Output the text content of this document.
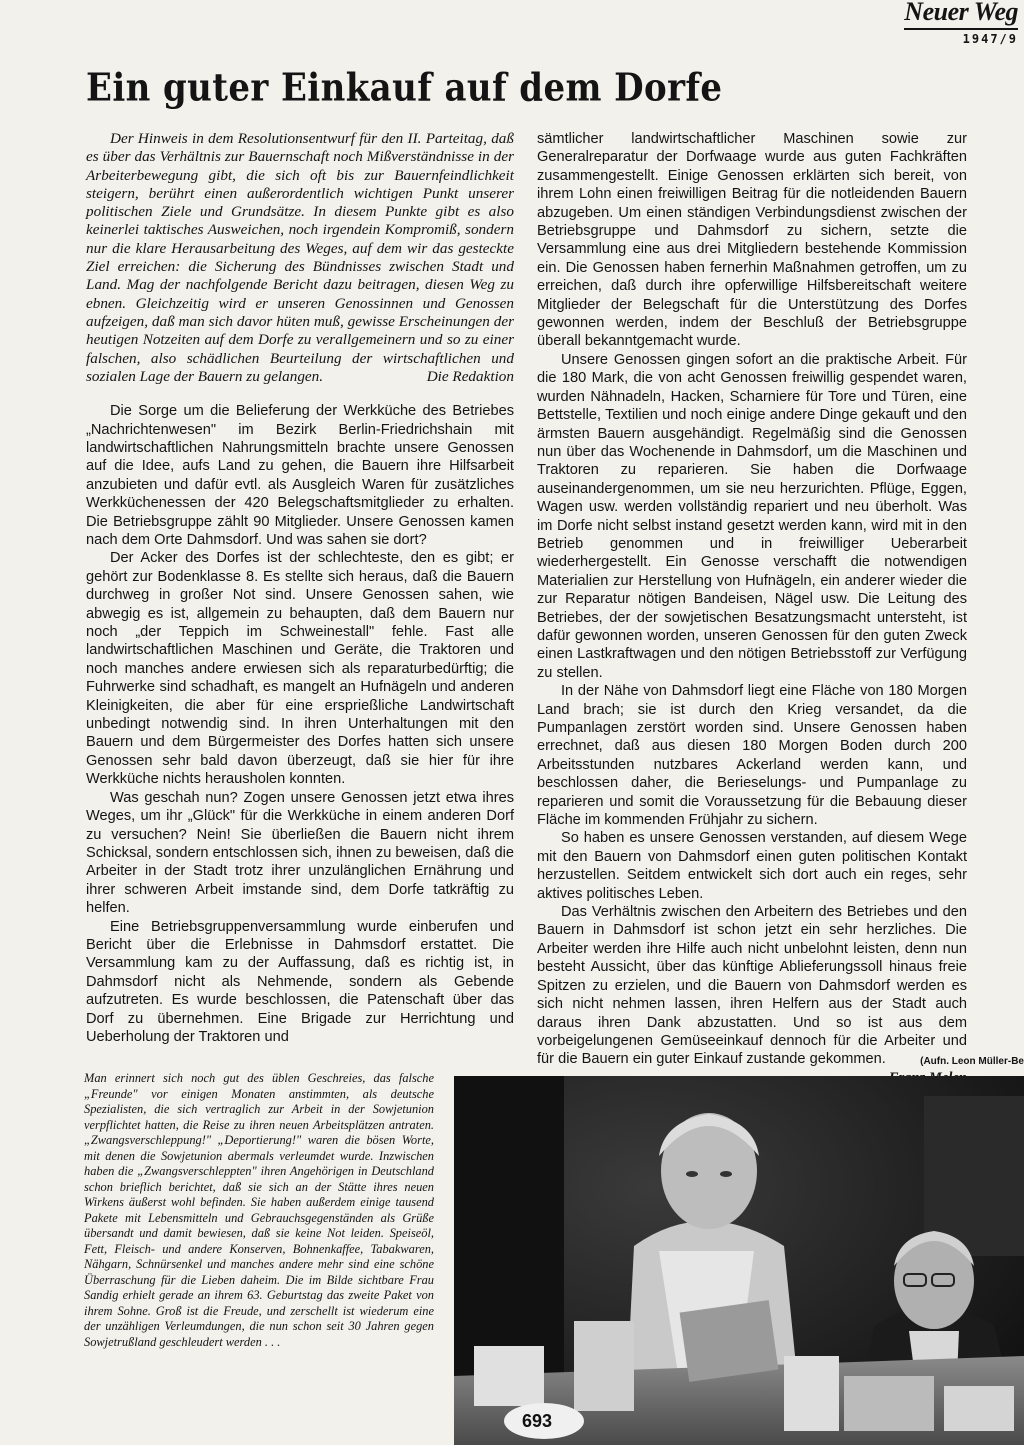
Neuer Weg
1947/9
Ein guter Einkauf auf dem Dorfe

Der Hinweis in dem Resolutionsentwurf für den II. Parteitag, daß es über das Verhältnis zur Bauernschaft noch Mißverständnisse in der Arbeiterbewegung gibt, die sich oft bis zur Bauernfeindlichkeit steigern, berührt einen außerordentlich wichtigen Punkt unserer politischen Ziele und Grundsätze. In diesem Punkte gibt es also keinerlei taktisches Ausweichen, noch irgendein Kompromiß, sondern nur die klare Herausarbeitung des Weges, auf dem wir das gesteckte Ziel erreichen: die Sicherung des Bündnisses zwischen Stadt und Land. Mag der nachfolgende Bericht dazu beitragen, diesen Weg zu ebnen. Gleichzeitig wird er unseren Genossinnen und Genossen aufzeigen, daß man sich davor hüten muß, gewisse Erscheinungen der heutigen Notzeiten auf dem Dorfe zu verallgemeinern und so zu einer falschen, also schädlichen Beurteilung der wirtschaftlichen und sozialen Lage der Bauern zu gelangen.	Die Redaktion

Die Sorge um die Belieferung der Werkküche des Betriebes „Nachrichtenwesen" im Bezirk Berlin-Friedrichshain mit landwirtschaftlichen Nahrungsmitteln brachte unsere Genossen auf die Idee, aufs Land zu gehen, die Bauern ihre Hilfsarbeit anzubieten und dafür evtl. als Ausgleich Waren für zusätzliches Werkküchenessen der 420 Belegschaftsmitglieder zu erhalten. Die Betriebsgruppe zählt 90 Mitglieder. Unsere Genossen kamen nach dem Orte Dahmsdorf. Und was sahen sie dort?

Der Acker des Dorfes ist der schlechteste, den es gibt; er gehört zur Bodenklasse 8. Es stellte sich heraus, daß die Bauern durchweg in großer Not sind. Unsere Genossen sahen, wie abwegig es ist, allgemein zu behaupten, daß dem Bauern nur noch „der Teppich im Schweinestall" fehle. Fast alle landwirtschaftlichen Maschinen und Geräte, die Traktoren und noch manches andere erwiesen sich als reparaturbedürftig; die Fuhrwerke sind schadhaft, es mangelt an Hufnägeln und anderen Kleinigkeiten, die aber für eine ersprießliche Landwirtschaft unbedingt notwendig sind. In ihren Unterhaltungen mit den Bauern und dem Bürgermeister des Dorfes hatten sich unsere Genossen sehr bald davon überzeugt, daß sie hier für ihre Werkküche nichts herausholen konnten.

Was geschah nun? Zogen unsere Genossen jetzt etwa ihres Weges, um ihr „Glück" für die Werkküche in einem anderen Dorf zu versuchen? Nein! Sie überließen die Bauern nicht ihrem Schicksal, sondern entschlossen sich, ihnen zu beweisen, daß die Arbeiter in der Stadt trotz ihrer unzulänglichen Ernährung und ihrer schweren Arbeit imstande sind, dem Dorfe tatkräftig zu helfen.

Eine Betriebsgruppenversammlung wurde einberufen und Bericht über die Erlebnisse in Dahmsdorf erstattet. Die Versammlung kam zu der Auffassung, daß es richtig ist, in Dahmsdorf nicht als Nehmende, sondern als Gebende aufzutreten. Es wurde beschlossen, die Patenschaft über das Dorf zu übernehmen. Eine Brigade zur Herrichtung und Ueberholung der Traktoren und

sämtlicher landwirtschaftlicher Maschinen sowie zur Generalreparatur der Dorfwaage wurde aus guten Fachkräften zusammengestellt. Einige Genossen erklärten sich bereit, von ihrem Lohn einen freiwilligen Beitrag für die notleidenden Bauern abzugeben. Um einen ständigen Verbindungsdienst zwischen der Betriebsgruppe und Dahmsdorf zu sichern, setzte die Versammlung eine aus drei Mitgliedern bestehende Kommission ein. Die Genossen haben fernerhin Maßnahmen getroffen, um zu erreichen, daß durch ihre opferwillige Hilfsbereitschaft weitere Mitglieder der Belegschaft für die Unterstützung des Dorfes gewonnen werden, indem der Beschluß der Betriebsgruppe überall bekanntgemacht wurde.

Unsere Genossen gingen sofort an die praktische Arbeit. Für die 180 Mark, die von acht Genossen freiwillig gespendet waren, wurden Nähnadeln, Hacken, Scharniere für Tore und Türen, eine Bettstelle, Textilien und noch einige andere Dinge gekauft und den ärmsten Bauern ausgehändigt. Regelmäßig sind die Genossen nun über das Wochenende in Dahmsdorf, um die Maschinen und Traktoren zu reparieren. Sie haben die Dorfwaage auseinandergenommen, um sie neu herzurichten. Pflüge, Eggen, Wagen usw. werden vollständig repariert und neu überholt. Was im Dorfe nicht selbst instand gesetzt werden kann, wird mit in den Betrieb genommen und in freiwilliger Ueberarbeit wiederhergestellt. Ein Genosse verschafft die notwendigen Materialien zur Herstellung von Hufnägeln, ein anderer wieder die zur Reparatur nötigen Bandeisen, Nägel usw. Die Leitung des Betriebes, der der sowjetischen Besatzungsmacht untersteht, ist dafür gewonnen worden, unseren Genossen für den guten Zweck einen Lastkraftwagen und den nötigen Betriebsstoff zur Verfügung zu stellen.

In der Nähe von Dahmsdorf liegt eine Fläche von 180 Morgen Land brach; sie ist durch den Krieg versandet, da die Pumpanlagen zerstört worden sind. Unsere Genossen haben errechnet, daß aus diesen 180 Morgen Boden durch 200 Arbeitsstunden nutzbares Ackerland werden kann, und beschlossen daher, die Berieselungs- und Pumpanlage zu reparieren und somit die Voraussetzung für die Bebauung dieser Fläche im kommenden Frühjahr zu sichern.

So haben es unsere Genossen verstanden, auf diesem Wege mit den Bauern von Dahmsdorf einen guten politischen Kontakt herzustellen. Seitdem entwickelt sich dort auch ein reges, sehr aktives politisches Leben.

Das Verhältnis zwischen den Arbeitern des Betriebes und den Bauern in Dahmsdorf ist schon jetzt ein sehr herzliches. Die Arbeiter werden ihre Hilfe auch nicht unbelohnt leisten, denn nun besteht Aussicht, über das künftige Ablieferungssoll hinaus freie Spitzen zu erzielen, und die Bauern von Dahmsdorf werden es sich nicht nehmen lassen, ihren Helfern aus der Stadt auch daraus ihren Dank abzustatten. Und so ist aus dem vorbeigelungenen Gemüseeinkauf dennoch für die Arbeiter und für die Bauern ein guter Einkauf zustande gekommen.

Man erinnert sich noch gut des üblen Geschreies, das falsche „Freunde" vor einigen Monaten anstimmten, als deutsche Spezialisten, die sich vertraglich zur Arbeit in der Sowjetunion verpflichtet hatten, die Reise zu ihren neuen Arbeitsplätzen antraten. „Zwangsverschleppung!" „Deportierung!" waren die bösen Worte, mit denen die Sowjetunion abermals verleumdet wurde. Inzwischen haben die „Zwangsverschleppten" ihren Angehörigen in Deutschland schon brieflich berichtet, daß sie sich an der Stätte ihres neuen Wirkens äußerst wohl befinden. Sie haben außerdem einige tausend Pakete mit Lebensmitteln und Gebrauchsgegenständen als Grüße übersandt und damit bewiesen, daß sie keine Not leiden. Speiseöl, Fett, Fleisch- und andere Konserven, Bohnenkaffee, Tabakwaren, Nähgarn, Schnürsenkel und manches andere mehr sind eine schöne Überraschung für die Lieben daheim. Die im Bilde sichtbare Frau Sandig erhielt gerade an ihrem 63. Geburtstag das zweite Paket von ihrem Sohne. Groß ist die Freude, und zerschellt ist wiederum eine der unzähligen Verleumdungen, die nun schon seit 30 Jahren gegen Sowjetrußland geschleudert werden . . .
(Aufn. Leon Müller-Be
693
